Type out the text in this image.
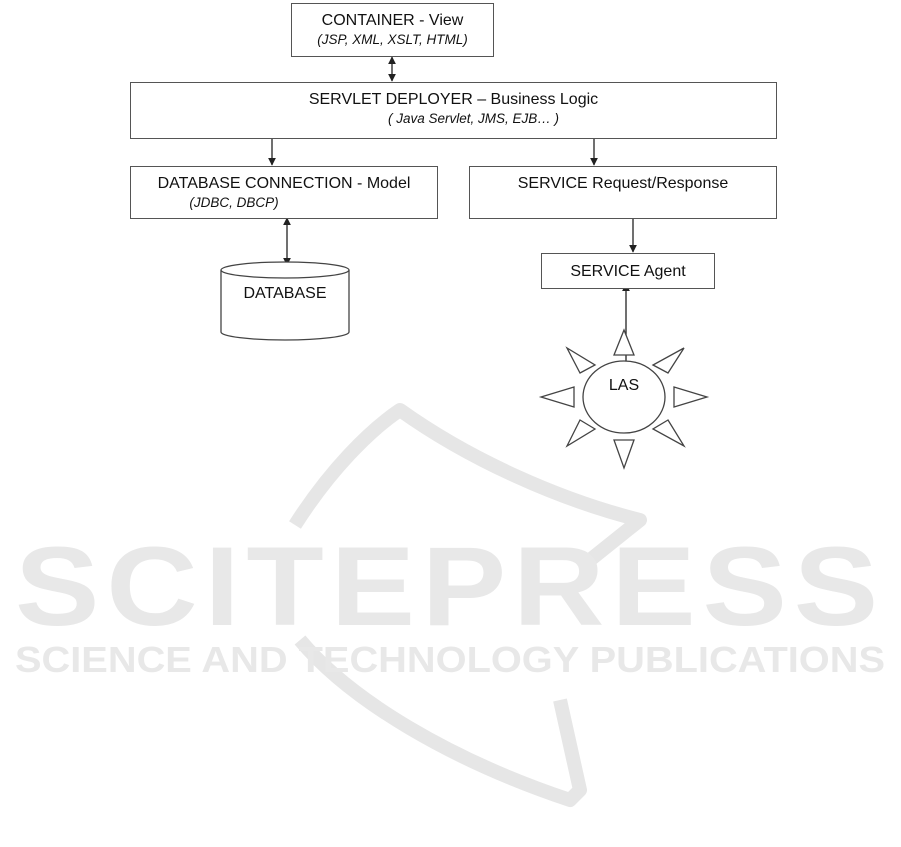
SCITEPRESS
SCIENCE AND TECHNOLOGY PUBLICATIONS
CONTAINER - View
(JSP, XML, XSLT, HTML)
SERVLET DEPLOYER – Business Logic
( Java Servlet, JMS, EJB… )
DATABASE CONNECTION - Model
(JDBC, DBCP)
SERVICE Request/Response
DATABASE
SERVICE Agent
LAS
